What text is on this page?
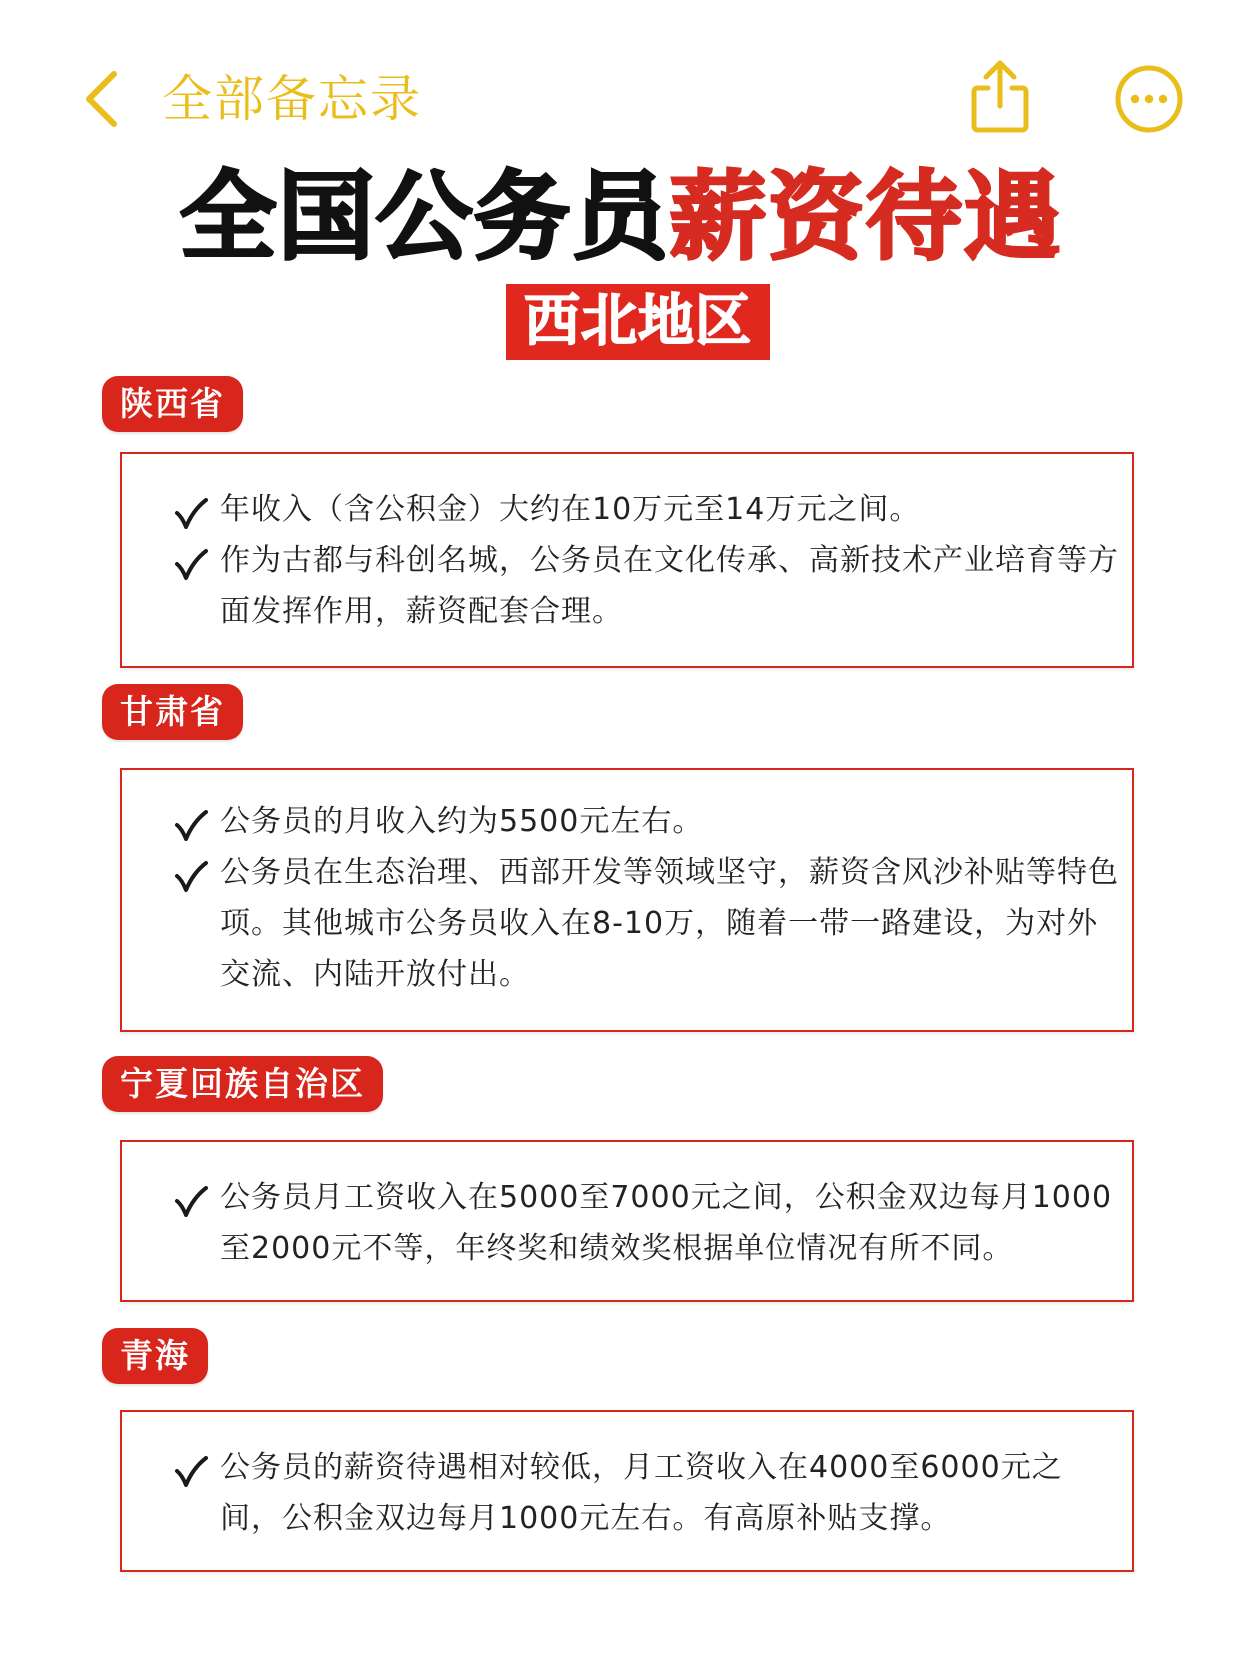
全部备忘录
全国公务员薪资待遇
西北地区
陕西省
年收入（含公积金）大约在10万元至14万元之间。
作为古都与科创名城，公务员在文化传承、高新技术产业培育等方面发挥作用，薪资配套合理。
甘肃省
公务员的月收入约为5500元左右。
公务员在生态治理、西部开发等领域坚守，薪资含风沙补贴等特色项。其他城市公务员收入在8-10万，随着一带一路建设，为对外交流、内陆开放付出。
宁夏回族自治区
公务员月工资收入在5000至7000元之间，公积金双边每月1000至2000元不等，年终奖和绩效奖根据单位情况有所不同。
青海
公务员的薪资待遇相对较低，月工资收入在4000至6000元之间，公积金双边每月1000元左右。有高原补贴支撑。
